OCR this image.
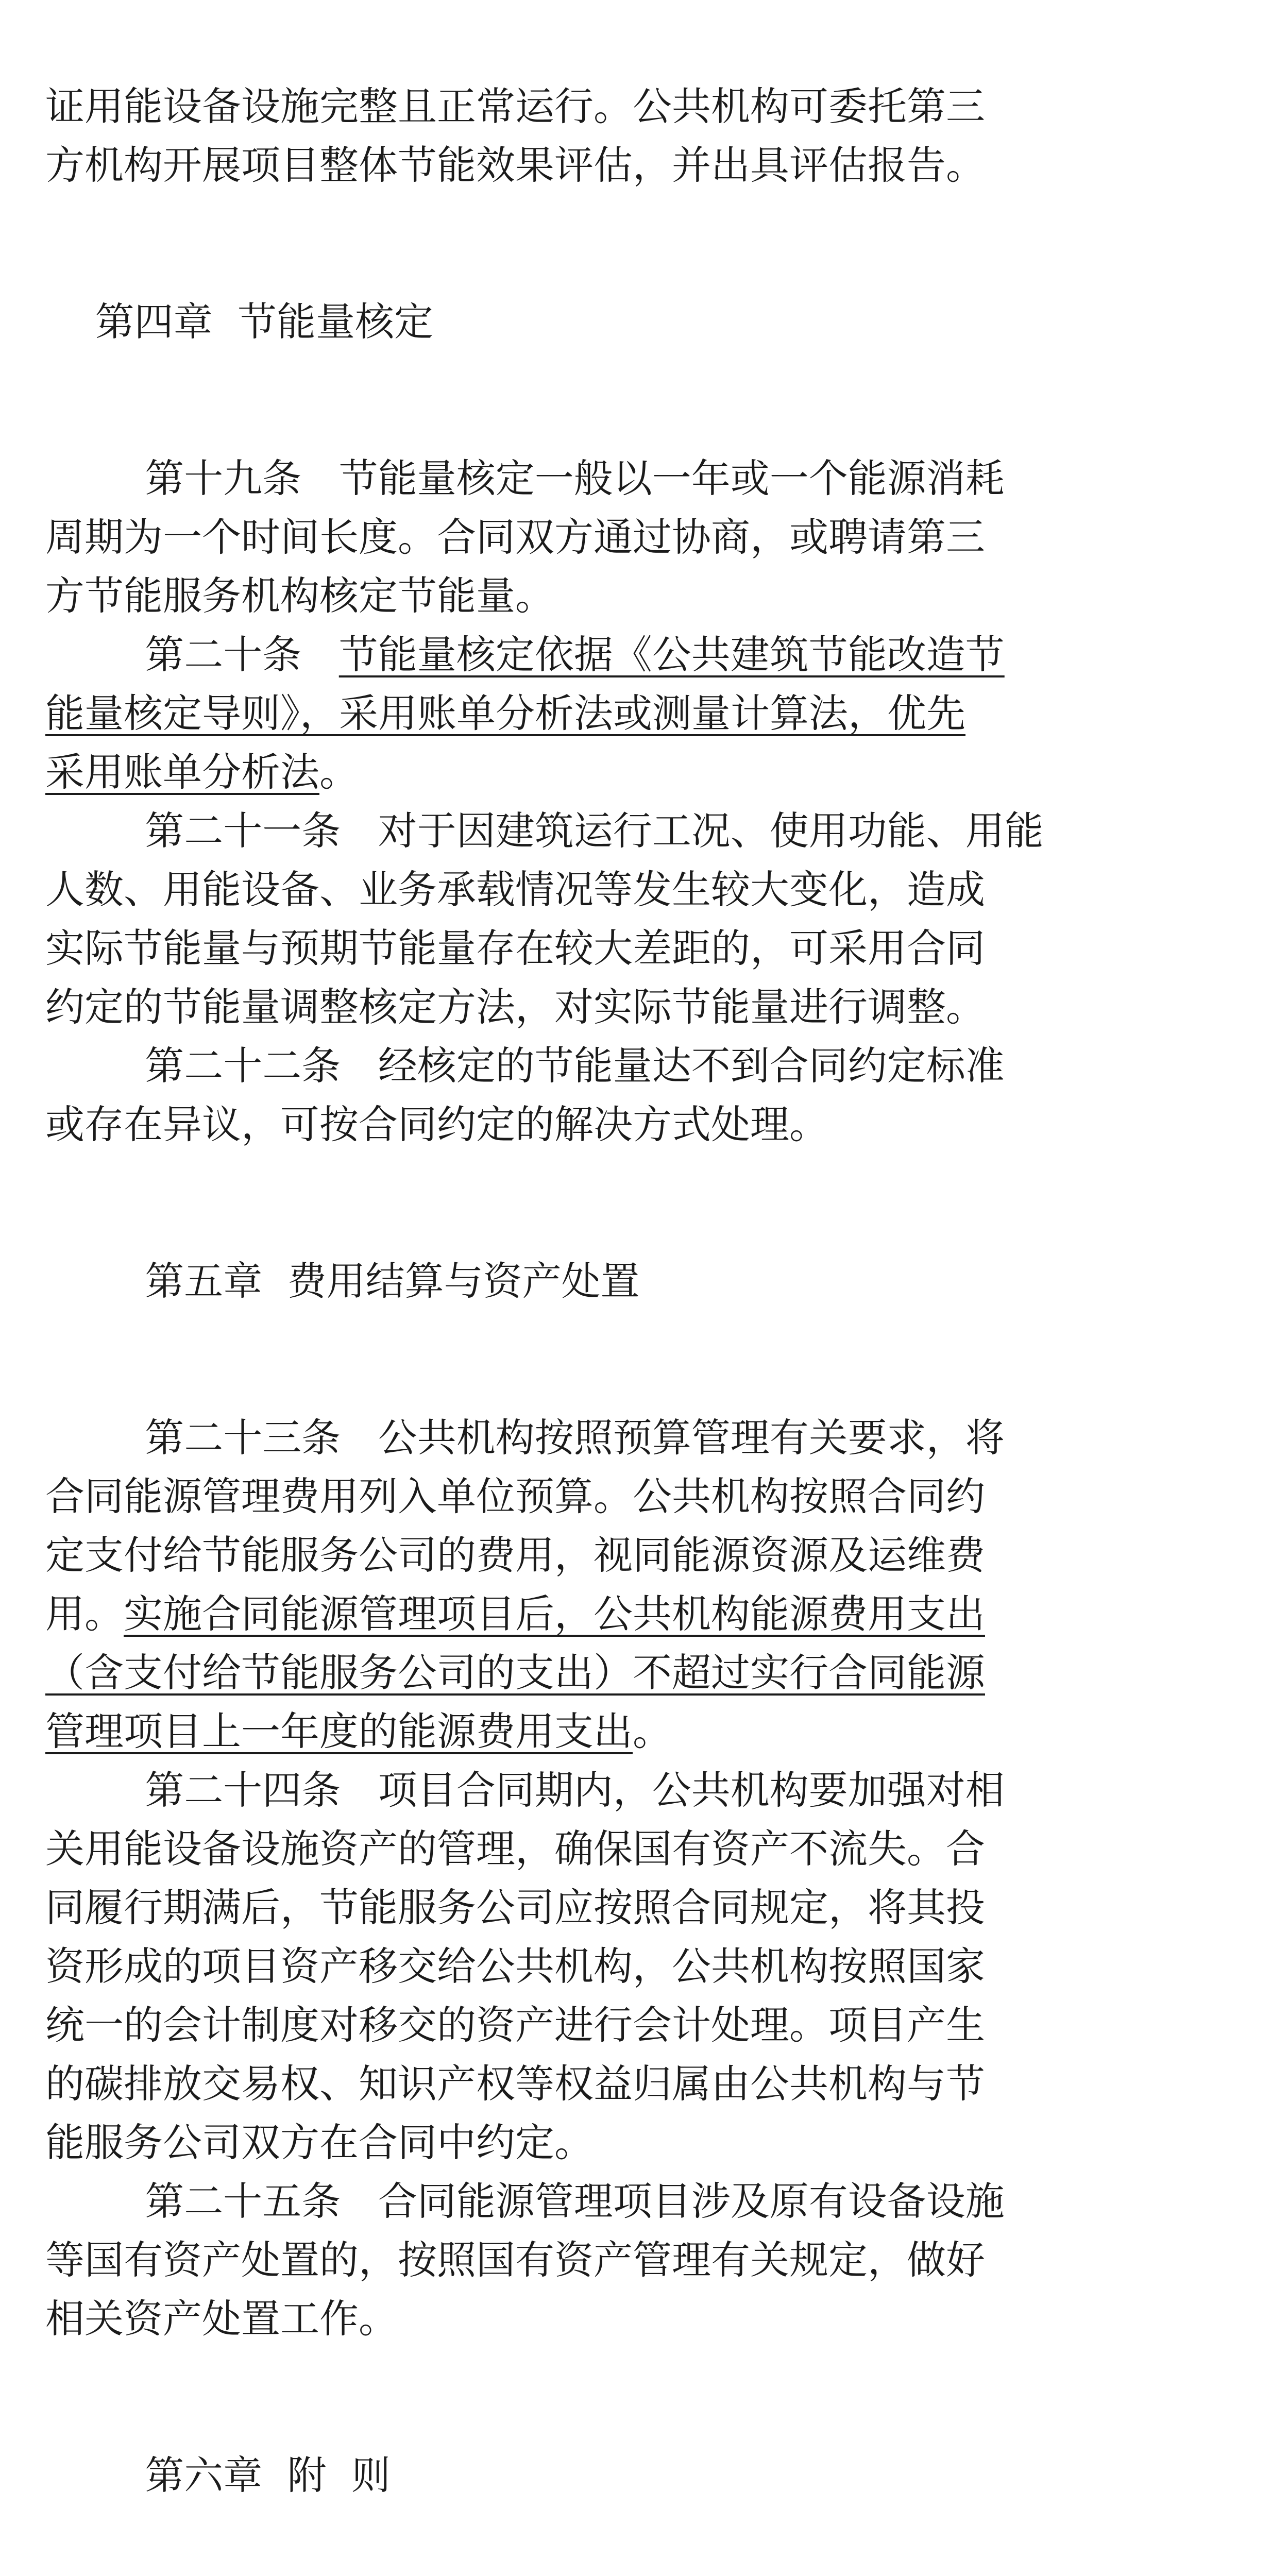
证用能设备设施完整且正常运行。公共机构可委托第三

方机构开展项目整体节能效果评估，并出具评估报告。

第四章  节能量核定

第十九条   节能量核定一般以一年或一个能源消耗

周期为一个时间长度。合同双方通过协商，或聘请第三

方节能服务机构核定节能量。

第二十条   节能量核定依据《公共建筑节能改造节

能量核定导则》，采用账单分析法或测量计算法，优先

采用账单分析法。

第二十一条   对于因建筑运行工况、使用功能、用能

人数、用能设备、业务承载情况等发生较大变化，造成

实际节能量与预期节能量存在较大差距的，可采用合同

约定的节能量调整核定方法，对实际节能量进行调整。

第二十二条   经核定的节能量达不到合同约定标准

或存在异议，可按合同约定的解决方式处理。

第五章  费用结算与资产处置

第二十三条   公共机构按照预算管理有关要求，将

合同能源管理费用列入单位预算。公共机构按照合同约

定支付给节能服务公司的费用，视同能源资源及运维费

用。实施合同能源管理项目后，公共机构能源费用支出

（含支付给节能服务公司的支出）不超过实行合同能源

管理项目上一年度的能源费用支出。

第二十四条   项目合同期内，公共机构要加强对相

关用能设备设施资产的管理，确保国有资产不流失。合

同履行期满后，节能服务公司应按照合同规定，将其投

资形成的项目资产移交给公共机构，公共机构按照国家

统一的会计制度对移交的资产进行会计处理。项目产生

的碳排放交易权、知识产权等权益归属由公共机构与节

能服务公司双方在合同中约定。

第二十五条   合同能源管理项目涉及原有设备设施

等国有资产处置的，按照国有资产管理有关规定，做好

相关资产处置工作。

第六章  附  则
